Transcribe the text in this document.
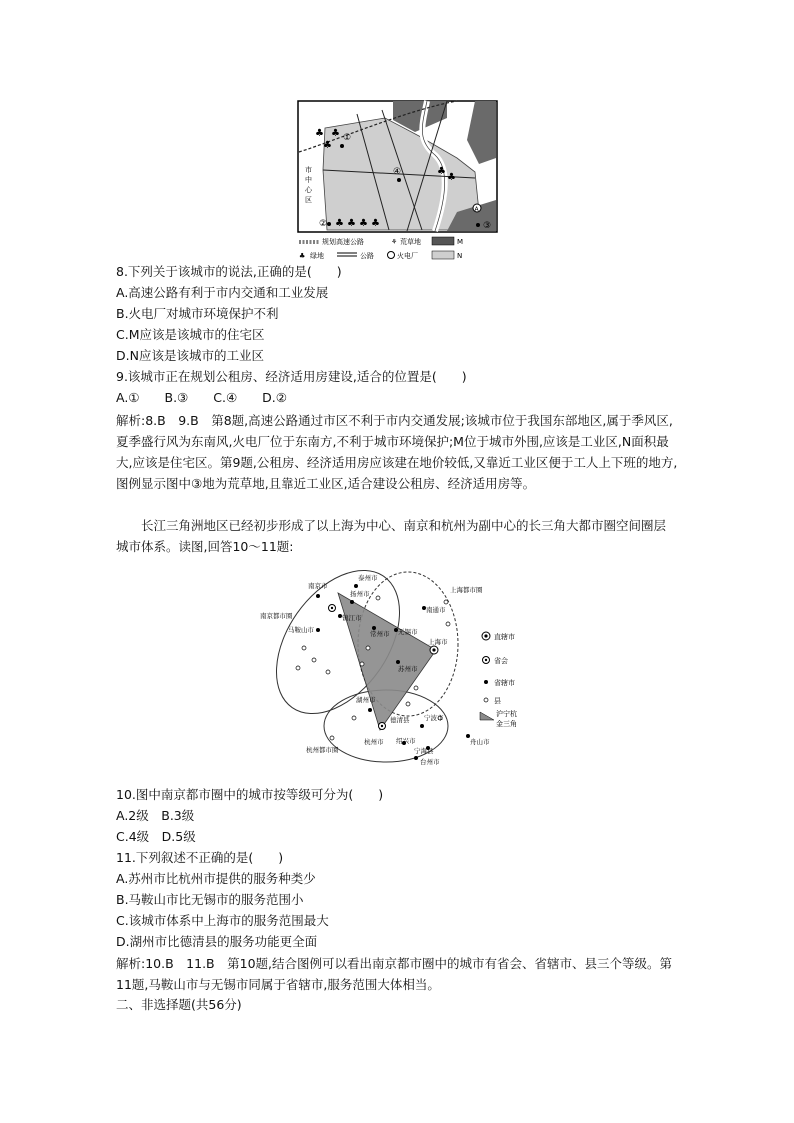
市
中
心
区
♣ ♣
♣
♣ ♣ ♣ ♣
♣
♣
①
②	③
④
A
规划高速公路	⚘ 荒草地	M
♣ 绿地	公路	火电厂	N
8.下列关于该城市的说法,正确的是(　　)
A.高速公路有利于市内交通和工业发展
B.火电厂对城市环境保护不利
C.M应该是该城市的住宅区
D.N应该是该城市的工业区
9.该城市正在规划公租房、经济适用房建设,适合的位置是(　　)
A.①　　B.③　　C.④　　D.②
解析:8.B　9.B　第8题,高速公路通过市区不利于市内交通发展;该城市位于我国东部地区,属于季风区,夏季盛行风为东南风,火电厂位于东南方,不利于城市环境保护;M位于城市外围,应该是工业区,N面积最大,应该是住宅区。第9题,公租房、经济适用房应该建在地价较低,又靠近工业区便于工人上下班的地方,图例显示图中③地为荒草地,且靠近工业区,适合建设公租房、经济适用房等。
长江三角洲地区已经初步形成了以上海为中心、南京和杭州为副中心的长三角大都市圈空间圈层城市体系。读图,回答10～11题:
南京市
泰州市
扬州市
镇江市
常州市 无锡市
苏州市
南通市
上海市
马鞍山市
湖州市
德清县 宁波市
舟山市
杭州市 绍兴市
宁海县
台州市
南京都市圈
上海都市圈
杭州都市圈
直辖市
省会
省辖市
县
沪宁杭
金三角
10.图中南京都市圈中的城市按等级可分为(　　)
A.2级　B.3级
C.4级　D.5级
11.下列叙述不正确的是(　　)
A.苏州市比杭州市提供的服务种类少
B.马鞍山市比无锡市的服务范围小
C.该城市体系中上海市的服务范围最大
D.湖州市比德清县的服务功能更全面
解析:10.B　11.B　第10题,结合图例可以看出南京都市圈中的城市有省会、省辖市、县三个等级。第11题,马鞍山市与无锡市同属于省辖市,服务范围大体相当。
二、非选择题(共56分)
